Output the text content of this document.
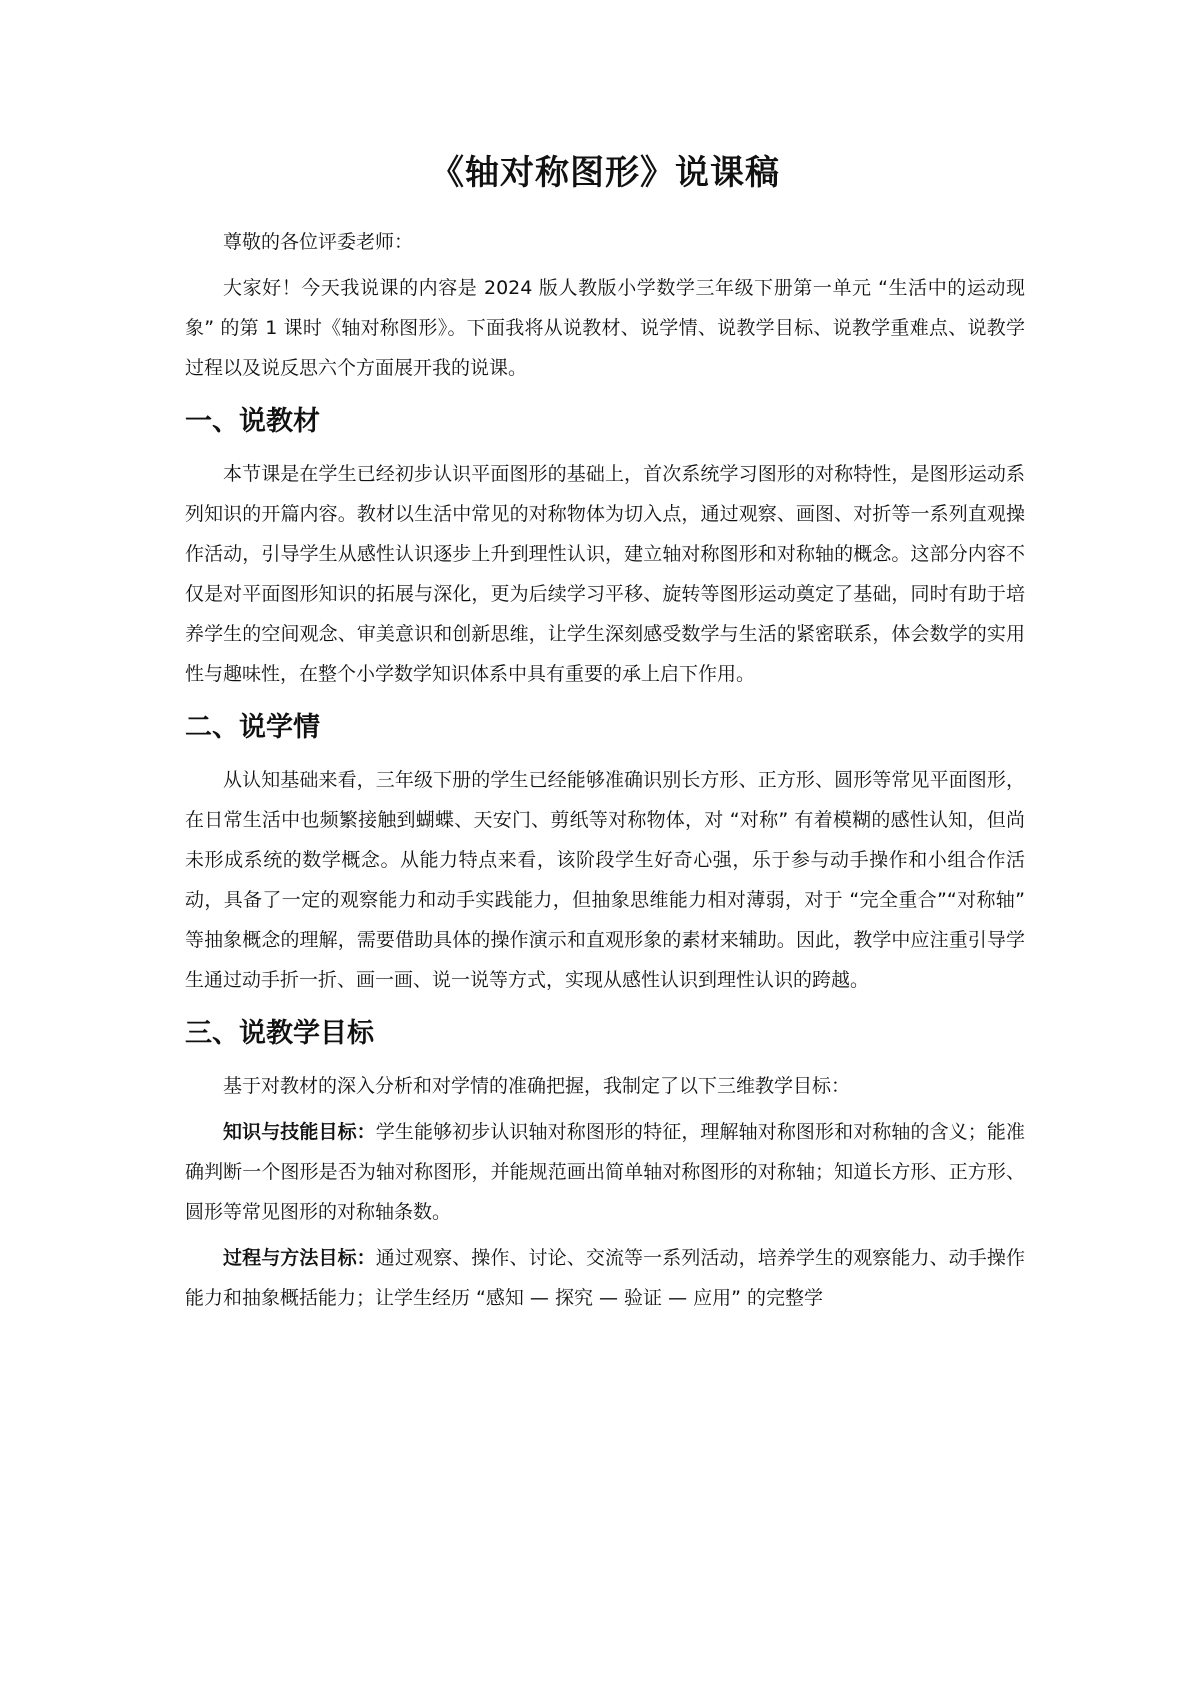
《轴对称图形》说课稿

尊敬的各位评委老师：

大家好！今天我说课的内容是 2024 版人教版小学数学三年级下册第一单元 “生活中的运动现象” 的第 1 课时《轴对称图形》。下面我将从说教材、说学情、说教学目标、说教学重难点、说教学过程以及说反思六个方面展开我的说课。

一、说教材

本节课是在学生已经初步认识平面图形的基础上，首次系统学习图形的对称特性，是图形运动系列知识的开篇内容。教材以生活中常见的对称物体为切入点，通过观察、画图、对折等一系列直观操作活动，引导学生从感性认识逐步上升到理性认识，建立轴对称图形和对称轴的概念。这部分内容不仅是对平面图形知识的拓展与深化，更为后续学习平移、旋转等图形运动奠定了基础，同时有助于培养学生的空间观念、审美意识和创新思维，让学生深刻感受数学与生活的紧密联系，体会数学的实用性与趣味性，在整个小学数学知识体系中具有重要的承上启下作用。

二、说学情

从认知基础来看，三年级下册的学生已经能够准确识别长方形、正方形、圆形等常见平面图形，在日常生活中也频繁接触到蝴蝶、天安门、剪纸等对称物体，对 “对称” 有着模糊的感性认知，但尚未形成系统的数学概念。从能力特点来看，该阶段学生好奇心强，乐于参与动手操作和小组合作活动，具备了一定的观察能力和动手实践能力，但抽象思维能力相对薄弱，对于 “完全重合”“对称轴” 等抽象概念的理解，需要借助具体的操作演示和直观形象的素材来辅助。因此，教学中应注重引导学生通过动手折一折、画一画、说一说等方式，实现从感性认识到理性认识的跨越。

三、说教学目标

基于对教材的深入分析和对学情的准确把握，我制定了以下三维教学目标：

知识与技能目标：学生能够初步认识轴对称图形的特征，理解轴对称图形和对称轴的含义；能准确判断一个图形是否为轴对称图形，并能规范画出简单轴对称图形的对称轴；知道长方形、正方形、圆形等常见图形的对称轴条数。

过程与方法目标：通过观察、操作、讨论、交流等一系列活动，培养学生的观察能力、动手操作能力和抽象概括能力；让学生经历 “感知 — 探究 — 验证 — 应用” 的完整学
